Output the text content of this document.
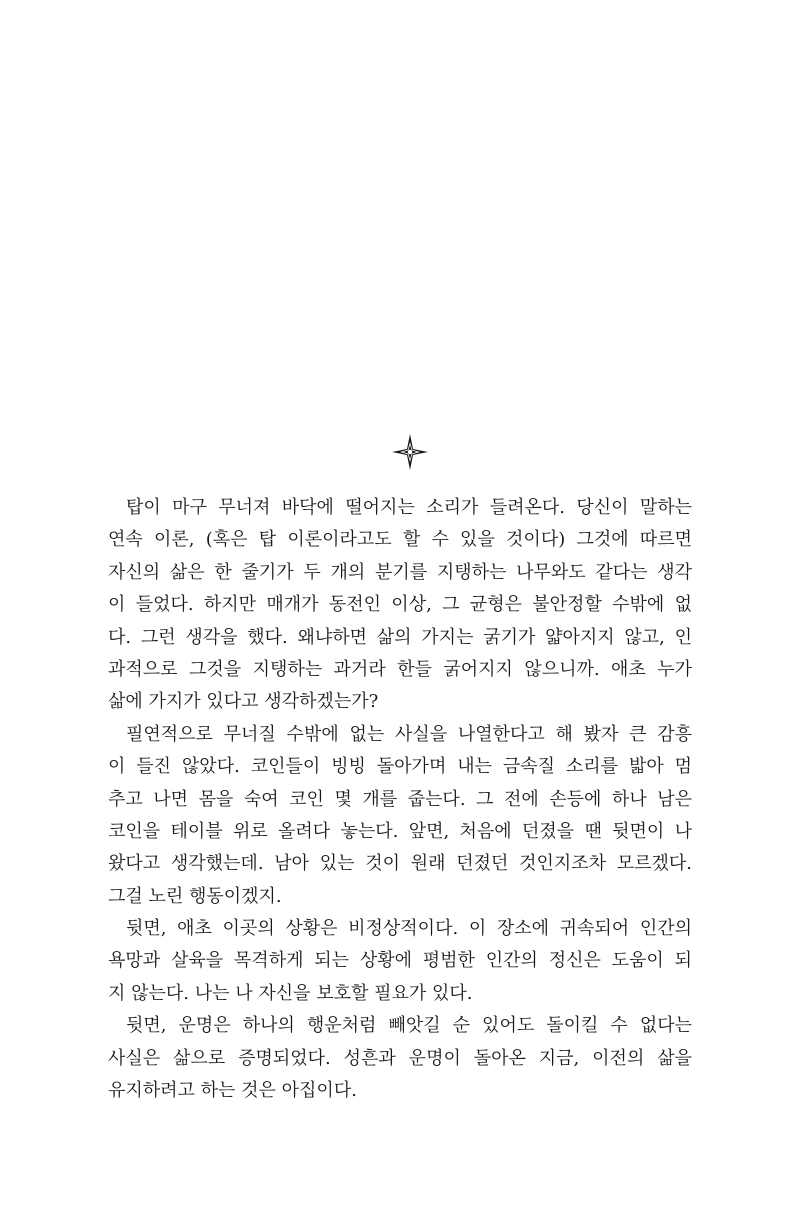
탑이 마구 무너져 바닥에 떨어지는 소리가 들려온다. 당신이 말하는
연속 이론, (혹은 탑 이론이라고도 할 수 있을 것이다) 그것에 따르면
자신의 삶은 한 줄기가 두 개의 분기를 지탱하는 나무와도 같다는 생각
이 들었다. 하지만 매개가 동전인 이상, 그 균형은 불안정할 수밖에 없
다. 그런 생각을 했다. 왜냐하면 삶의 가지는 굵기가 얇아지지 않고, 인
과적으로 그것을 지탱하는 과거라 한들 굵어지지 않으니까. 애초 누가
삶에 가지가 있다고 생각하겠는가?
필연적으로 무너질 수밖에 없는 사실을 나열한다고 해 봤자 큰 감흥
이 들진 않았다. 코인들이 빙빙 돌아가며 내는 금속질 소리를 밟아 멈
추고 나면 몸을 숙여 코인 몇 개를 줍는다. 그 전에 손등에 하나 남은
코인을 테이블 위로 올려다 놓는다. 앞면, 처음에 던졌을 땐 뒷면이 나
왔다고 생각했는데. 남아 있는 것이 원래 던졌던 것인지조차 모르겠다.
그걸 노린 행동이겠지.
뒷면, 애초 이곳의 상황은 비정상적이다. 이 장소에 귀속되어 인간의
욕망과 살육을 목격하게 되는 상황에 평범한 인간의 정신은 도움이 되
지 않는다. 나는 나 자신을 보호할 필요가 있다.
뒷면, 운명은 하나의 행운처럼 빼앗길 순 있어도 돌이킬 수 없다는
사실은 삶으로 증명되었다. 성흔과 운명이 돌아온 지금, 이전의 삶을
유지하려고 하는 것은 아집이다.
